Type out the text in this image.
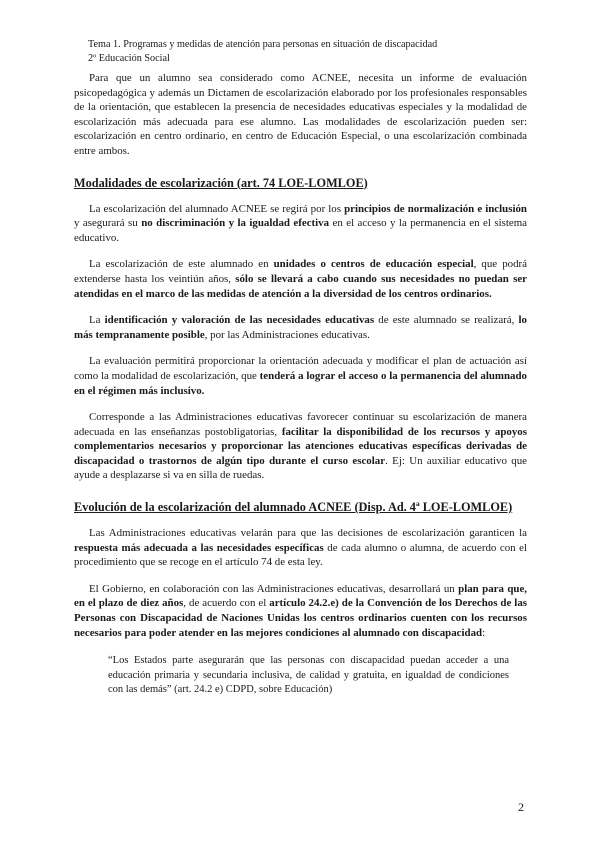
Tema 1. Programas y medidas de atención para personas en situación de discapacidad
2º Educación Social

Para que un alumno sea considerado como ACNEE, necesita un informe de evaluación psicopedagógica y además un Dictamen de escolarización elaborado por los profesionales responsables de la orientación, que establecen la presencia de necesidades educativas especiales y la modalidad de escolarización más adecuada para ese alumno. Las modalidades de escolarización pueden ser: escolarización en centro ordinario, en centro de Educación Especial, o una escolarización combinada entre ambos.

Modalidades de escolarización (art. 74 LOE-LOMLOE)

La escolarización del alumnado ACNEE se regirá por los principios de normalización e inclusión y asegurará su no discriminación y la igualdad efectiva en el acceso y la permanencia en el sistema educativo.

La escolarización de este alumnado en unidades o centros de educación especial, que podrá extenderse hasta los veintiún años, sólo se llevará a cabo cuando sus necesidades no puedan ser atendidas en el marco de las medidas de atención a la diversidad de los centros ordinarios.

La identificación y valoración de las necesidades educativas de este alumnado se realizará, lo más tempranamente posible, por las Administraciones educativas.

La evaluación permitirá proporcionar la orientación adecuada y modificar el plan de actuación así como la modalidad de escolarización, que tenderá a lograr el acceso o la permanencia del alumnado en el régimen más inclusivo.

Corresponde a las Administraciones educativas favorecer continuar su escolarización de manera adecuada en las enseñanzas postobligatorias, facilitar la disponibilidad de los recursos y apoyos complementarios necesarios y proporcionar las atenciones educativas específicas derivadas de discapacidad o trastornos de algún tipo durante el curso escolar. Ej: Un auxiliar educativo que ayude a desplazarse si va en silla de ruedas.

Evolución de la escolarización del alumnado ACNEE (Disp. Ad. 4ª LOE-LOMLOE)

Las Administraciones educativas velarán para que las decisiones de escolarización garanticen la respuesta más adecuada a las necesidades específicas de cada alumno o alumna, de acuerdo con el procedimiento que se recoge en el artículo 74 de esta ley.

El Gobierno, en colaboración con las Administraciones educativas, desarrollará un plan para que, en el plazo de diez años, de acuerdo con el artículo 24.2.e) de la Convención de los Derechos de las Personas con Discapacidad de Naciones Unidas los centros ordinarios cuenten con los recursos necesarios para poder atender en las mejores condiciones al alumnado con discapacidad:

“Los Estados parte asegurarán que las personas con discapacidad puedan acceder a una educación primaria y secundaria inclusiva, de calidad y gratuita, en igualdad de condiciones con las demás” (art. 24.2 e) CDPD, sobre Educación)
2
